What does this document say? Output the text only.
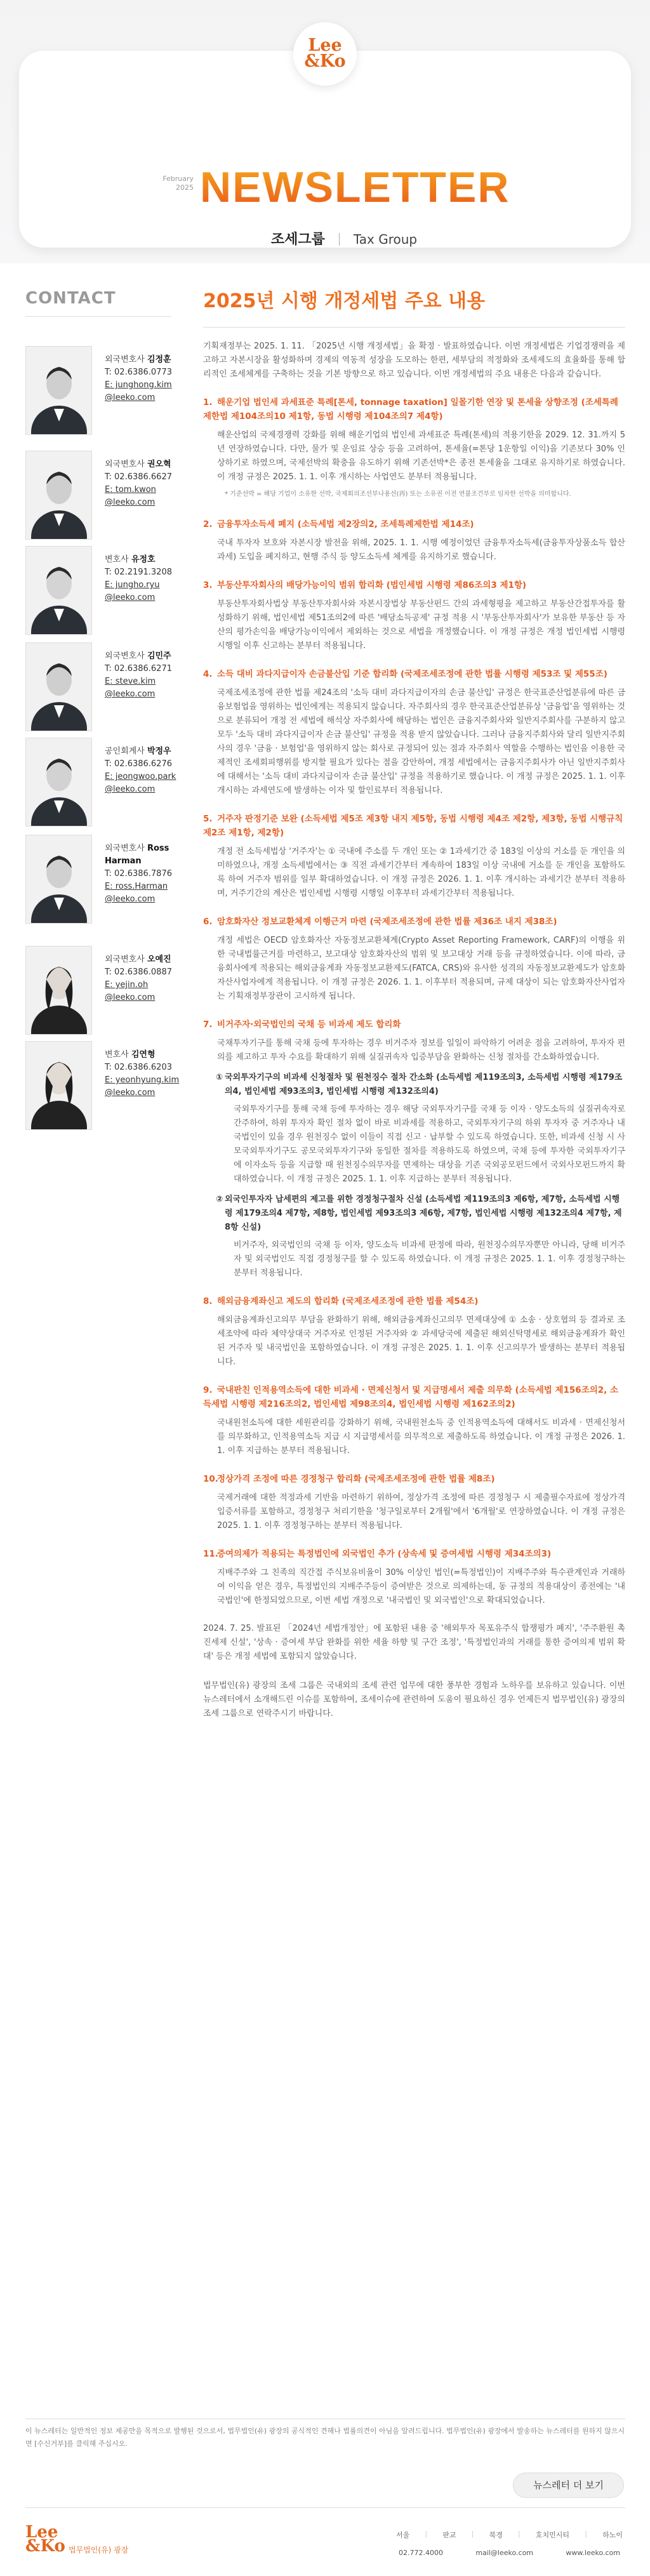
February
2025 NEWSLETTER
조세그룹 Tax Group
Lee
&Ko
CONTACT
외국변호사 김정훈
T: 02.6386.0773
E: junghong.kim
@leeko.com
외국변호사 권오혁
T: 02.6386.6627
E: tom.kwon
@leeko.com
변호사 유정호
T: 02.2191.3208
E: jungho.ryu
@leeko.com
외국변호사 김민주
T: 02.6386.6271
E: steve.kim
@leeko.com
공인회계사 박정우
T: 02.6386.6276
E: jeongwoo.park
@leeko.com
외국변호사 Ross Harman
T: 02.6386.7876
E: ross.Harman
@leeko.com
외국변호사 오예진
T: 02.6386.0887
E: yejin.oh
@leeko.com
변호사 김연형
T: 02.6386.6203
E: yeonhyung.kim
@leeko.com
2025년 시행 개정세법 주요 내용
기획재정부는 2025. 1. 11. 「2025년 시행 개정세법」을 확정 · 발표하였습니다. 이번 개정세법은 기업경쟁력을 제고하고 자본시장을 활성화하며 경제의 역동적 성장을 도모하는 한편, 세부담의 적정화와 조세제도의 효율화를 통해 합리적인 조세체계를 구축하는 것을 기본 방향으로 하고 있습니다. 이번 개정세법의 주요 내용은 다음과 같습니다.
1. 해운기업 법인세 과세표준 특례[톤세, tonnage taxation] 일몰기한 연장 및 톤세율 상향조정 (조세특례제한법 제104조의10 제1항, 동법 시행령 제104조의7 제4항)
해운산업의 국제경쟁력 강화를 위해 해운기업의 법인세 과세표준 특례(톤세)의 적용기한을 2029. 12. 31.까지 5년 연장하였습니다. 다만, 물가 및 운임료 상승 등을 고려하여, 톤세율(=톤당 1운항일 이익)을 기존보다 30% 인상하기로 하였으며, 국제선박의 확충을 유도하기 위해 기존선박*은 종전 톤세율을 그대로 유지하기로 하였습니다. 이 개정 규정은 2025. 1. 1. 이후 개시하는 사업연도 분부터 적용됩니다.
* 기준선박 = 해당 기업이 소유한 선박, 국제회의조선부나용선(再) 또는 소유권 이전 연불조건부로 임차한 선박을 의미합니다.
2. 금융투자소득세 폐지 (소득세법 제2장의2, 조세특례제한법 제14조)
국내 투자자 보호와 자본시장 발전을 위해, 2025. 1. 1. 시행 예정이었던 금융투자소득세(금융투자상품소득 합산과세) 도입을 폐지하고, 현행 주식 등 양도소득세 체계를 유지하기로 했습니다.
3. 부동산투자회사의 배당가능이익 범위 합리화 (법인세법 시행령 제86조의3 제1항)
부동산투자회사법상 부동산투자회사와 자본시장법상 부동산펀드 간의 과세형평을 제고하고 부동산간접투자를 활성화하기 위해, 법인세법 제51조의2에 따른 '배당소득공제' 규정 적용 시 '부동산투자회사'가 보유한 부동산 등 자산의 평가손익을 배당가능이익에서 제외하는 것으로 세법을 개정했습니다. 이 개정 규정은 개정 법인세법 시행령 시행일 이후 신고하는 분부터 적용됩니다.
4. 소득 대비 과다지급이자 손금불산입 기준 합리화 (국제조세조정에 관한 법률 시행령 제53조 및 제55조)
국제조세조정에 관한 법률 제24조의 '소득 대비 과다지급이자의 손금 불산입' 규정은 한국표준산업분류에 따른 금융보험업을 영위하는 법인에게는 적용되지 않습니다. 자주회사의 경우 한국표준산업분류상 '금융업'을 영위하는 것으로 분류되어 개정 전 세법에 해석상 자주회사에 해당하는 법인은 금융지주회사와 일반지주회사를 구분하지 않고 모두 '소득 대비 과다지급이자 손금 불산입' 규정을 적용 받지 않았습니다. 그러나 금융지주회사와 달리 일반지주회사의 경우 '금융 · 보험업'을 영위하지 않는 회사로 규정되어 있는 점과 자주회사 역할을 수행하는 법인을 이용한 국제적인 조세회피행위를 방지할 필요가 있다는 점을 감안하여, 개정 세법에서는 금융지주회사가 아닌 일반지주회사에 대해서는 '소득 대비 과다지급이자 손금 불산입' 규정을 적용하기로 했습니다. 이 개정 규정은 2025. 1. 1. 이후 개시하는 과세연도에 발생하는 이자 및 할인료부터 적용됩니다.
5. 거주자 판정기준 보완 (소득세법 제5조 제3항 내지 제5항, 동법 시행령 제4조 제2항, 제3항, 동법 시행규칙 제2조 제1항, 제2항)
개정 전 소득세법상 '거주자'는 ① 국내에 주소를 두 개인 또는 ② 1과세기간 중 183일 이상의 거소를 둔 개인을 의미하였으나, 개정 소득세법에서는 ③ 직전 과세기간부터 계속하여 183일 이상 국내에 거소를 둔 개인을 포함하도록 하여 거주자 범위를 일부 확대하였습니다. 이 개정 규정은 2026. 1. 1. 이후 개시하는 과세기간 분부터 적용하며, 거주기간의 계산은 법인세법 시행령 시행일 이후부터 과세기간부터 적용됩니다.
6. 암호화자산 정보교환체계 이행근거 마련 (국제조세조정에 관한 법률 제36조 내지 제38조)
개정 세법은 OECD 암호화자산 자동정보교환체계(Crypto Asset Reporting Framework, CARF)의 이행을 위한 국내법률근거를 마련하고, 보고대상 암호화자산의 범위 및 보고대상 거래 등을 규정하였습니다. 이에 따라, 금융회사에게 적용되는 해외금융계좌 자동정보교환제도(FATCA, CRS)와 유사한 성격의 자동정보교환제도가 암호화자산사업자에게 적용됩니다. 이 개정 규정은 2026. 1. 1. 이후부터 적용되며, 규제 대상이 되는 암호화자산사업자는 기획재정부장관이 고시하게 됩니다.
7. 비거주자·외국법인의 국채 등 비과세 제도 합리화
국채투자기구를 통해 국채 등에 투자하는 경우 비거주자 정보를 일일이 파악하기 어려운 점을 고려하여, 투자자 편의를 제고하고 투자 수요를 확대하기 위해 실질귀속자 입증부담을 완화하는 신청 절차를 간소화하였습니다.
① 국외투자기구의 비과세 신청절차 및 원천징수 절차 간소화 (소득세법 제119조의3, 소득세법 시행령 제179조의4, 법인세법 제93조의3, 법인세법 시행령 제132조의4)
국외투자기구를 통해 국채 등에 투자하는 경우 해당 국외투자기구를 국채 등 이자 · 양도소득의 실질귀속자로 간주하여, 하위 투자자 확인 절차 없이 바로 비과세를 적용하고, 국외투자기구의 하위 투자자 중 거주자나 내국법인이 있을 경우 원천징수 없이 이들이 직접 신고 · 납부할 수 있도록 하였습니다. 또한, 비과세 신청 시 사모국외투자기구도 공모국외투자기구와 동일한 절차를 적용하도록 하였으며, 국채 등에 투자한 국외투자기구에 이자소득 등을 지급할 때 원천징수의무자를 면제하는 대상을 기존 국외공모펀드에서 국외사모펀드까지 확대하였습니다. 이 개정 규정은 2025. 1. 1. 이후 지급하는 분부터 적용됩니다.
② 외국인투자자 납세편의 제고를 위한 경정청구절차 신설 (소득세법 제119조의3 제6항, 제7항, 소득세법 시행령 제179조의4 제7항, 제8항, 법인세법 제93조의3 제6항, 제7항, 법인세법 시행령 제132조의4 제7항, 제8항 신설)
비거주자, 외국법인의 국채 등 이자, 양도소득 비과세 판정에 따라, 원천징수의무자뿐만 아니라, 당해 비거주자 및 외국법인도 직접 경정청구를 할 수 있도록 하였습니다. 이 개정 규정은 2025. 1. 1. 이후 경정청구하는 분부터 적용됩니다.
8. 해외금융계좌신고 제도의 합리화 (국제조세조정에 관한 법률 제54조)
해외금융계좌신고의무 부담을 완화하기 위해, 해외금융계좌신고의무 면제대상에 ① 소송 · 상호협의 등 결과로 조세조약에 따라 체약상대국 거주자로 인정된 거주자와 ② 과세당국에 제출된 해외신탁명세로 해외금융계좌가 확인된 거주자 및 내국법인을 포함하였습니다. 이 개정 규정은 2025. 1. 1. 이후 신고의무가 발생하는 분부터 적용됩니다.
9. 국내판친 인적용역소득에 대한 비과세 · 면제신청서 및 지급명세서 제출 의무화 (소득세법 제156조의2, 소득세법 시행령 제216조의2, 법인세법 제98조의4, 법인세법 시행령 제162조의2)
국내원천소득에 대한 세원관리를 강화하기 위해, 국내원천소득 중 인적용역소득에 대해서도 비과세 · 면제신청서를 의무화하고, 인적용역소득 지급 시 지급명세서를 의무적으로 제출하도록 하였습니다. 이 개정 규정은 2026. 1. 1. 이후 지급하는 분부터 적용됩니다.
10.정상가격 조정에 따른 경정청구 합리화 (국제조세조정에 관한 법률 제8조)
국제거래에 대한 적정과세 기반을 마련하기 위하여, 정상가격 조정에 따른 경정청구 시 제출필수자료에 정상가격 입증서류를 포함하고, 경정청구 처리기한을 '청구일로부터 2개월'에서 '6개월'로 연장하였습니다. 이 개정 규정은 2025. 1. 1. 이후 경정청구하는 분부터 적용됩니다.
11.증여의제가 적용되는 특정법인에 외국법인 추가 (상속세 및 증여세법 시행령 제34조의3)
지배주주와 그 친족의 직간접 주식보유비율이 30% 이상인 법인(=특정법인)이 지배주주와 특수관계인과 거래하여 이익을 얻은 경우, 특정법인의 지배주주등이 증여받은 것으로 의제하는데, 동 규정의 적용대상이 종전에는 '내국법인'에 한정되었으므로, 이번 세법 개정으로 '내국법인 및 외국법인'으로 확대되었습니다.
2024. 7. 25. 발표된 「2024년 세법개정안」에 포함된 내용 중 '해외투자 목포유주식 합쟁평가 폐지', '주주환원 촉진세제 신설', '상속 · 증여세 부담 완화를 위한 세율 하향 및 구간 조정', '특정법인과의 거래를 통한 증여의제 범위 확대' 등은 개정 세법에 포함되지 않았습니다.
법무법인(유) 광장의 조세 그룹은 국내외의 조세 관련 업무에 대한 풍부한 경험과 노하우를 보유하고 있습니다. 이번 뉴스레터에서 소개해드린 이슈를 포함하여, 조세이슈에 관련하여 도움이 필요하신 경우 언제든지 법무법인(유) 광장의 조세 그룹으로 연락주시기 바랍니다.
이 뉴스레터는 일반적인 정보 제공만을 목적으로 발행된 것으로서, 법무법인(유) 광장의 공식적인 견해나 법률의견이 아님을 알려드립니다. 법무법인(유) 광장에서 발송하는 뉴스레터를 원하지 않으시면 [수신거부]를 클릭해 주십시오.
뉴스레터 더 보기
Lee
&Ko 법무법인(유) 광장
서울	|	판교	|	북경	|	호치민시티	|	하노이
02.772.4000	mail@leeko.com	www.leeko.com
